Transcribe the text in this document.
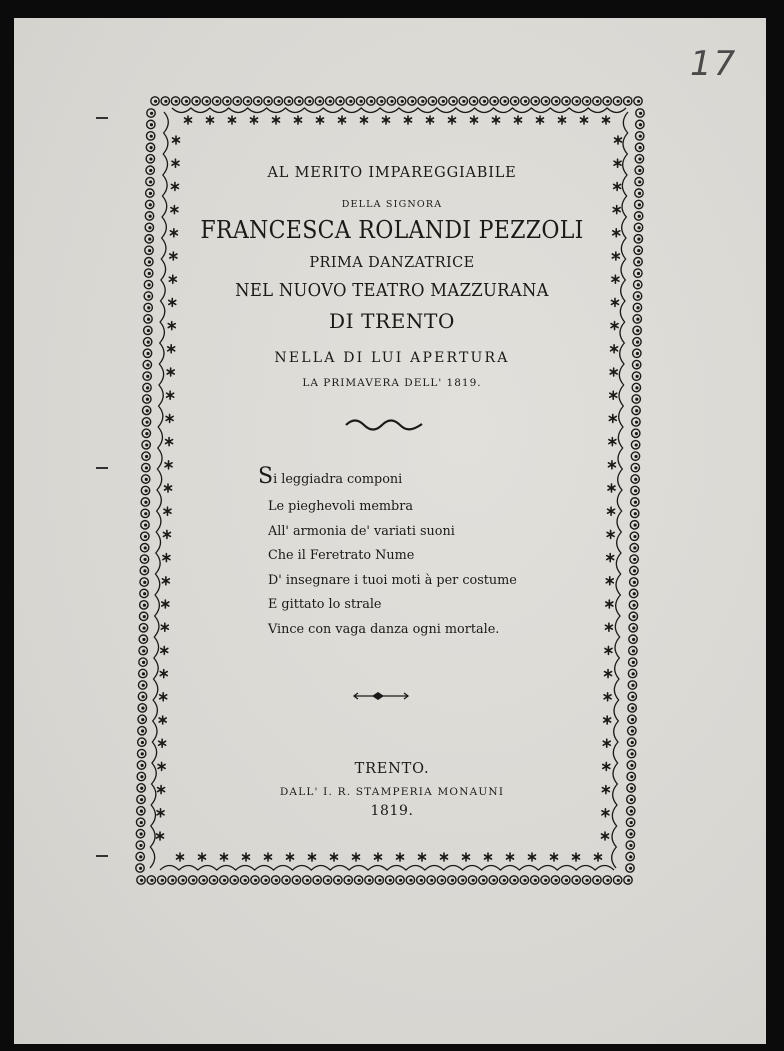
17
AL MERITO IMPAREGGIABILE
DELLA SIGNORA
FRANCESCA ROLANDI PEZZOLI
PRIMA DANZATRICE
NEL NUOVO TEATRO MAZZURANA
DI TRENTO
NELLA DI LUI APERTURA
LA PRIMAVERA DELL' 1819.
Si leggiadra componi
Le pieghevoli membra
All' armonia de' variati suoni
Che il Feretrato Nume
D' insegnare i tuoi moti à per costume
E gittato lo strale
Vince con vaga danza ogni mortale.
TRENTO.
DALL' I. R. STAMPERIA MONAUNI
1819.
